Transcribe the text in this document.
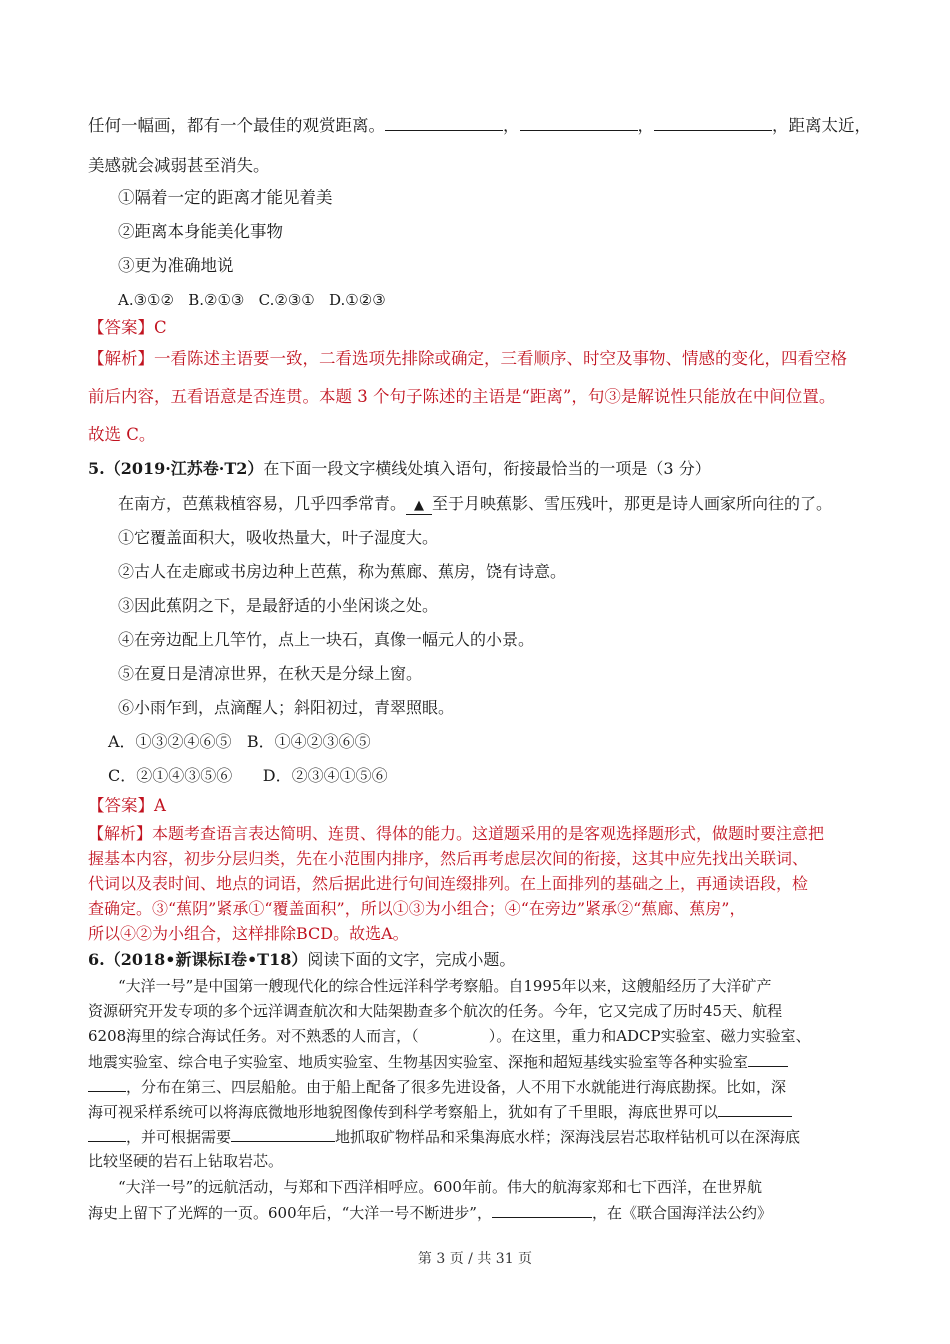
任何一幅画，都有一个最佳的观赏距离。	，	，	，距离太近，
美感就会减弱甚至消失。
①隔着一定的距离才能见着美
②距离本身能美化事物
③更为准确地说
A.③①②   B.②①③   C.②③①   D.①②③
【答案】C
【解析】一看陈述主语要一致，二看选项先排除或确定，三看顺序、时空及事物、情感的变化，四看空格
前后内容，五看语意是否连贯。本题 3 个句子陈述的主语是“距离”，句③是解说性只能放在中间位置。
故选 C。
5.（2019·江苏卷·T2）在下面一段文字横线处填入语句，衔接最恰当的一项是（3 分）
在南方，芭蕉栽植容易，几乎四季常青。 ▲ 至于月映蕉影、雪压残叶，那更是诗人画家所向往的了。
①它覆盖面积大，吸收热量大，叶子湿度大。
②古人在走廊或书房边种上芭蕉，称为蕉廊、蕉房，饶有诗意。
③因此蕉阴之下，是最舒适的小坐闲谈之处。
④在旁边配上几竿竹，点上一块石，真像一幅元人的小景。
⑤在夏日是清凉世界，在秋天是分绿上窗。
⑥小雨乍到，点滴醒人；斜阳初过，青翠照眼。
A．①③②④⑥⑤   B．①④②③⑥⑤
C．②①④③⑤⑥      D．②③④①⑤⑥
【答案】A
【解析】本题考查语言表达简明、连贯、得体的能力。这道题采用的是客观选择题形式，做题时要注意把
握基本内容，初步分层归类，先在小范围内排序，然后再考虑层次间的衔接，这其中应先找出关联词、
代词以及表时间、地点的词语，然后据此进行句间连缀排列。在上面排列的基础之上，再通读语段，检
查确定。③“蕉阴”紧承①“覆盖面积”，所以①③为小组合；④“在旁边”紧承②“蕉廊、蕉房”，
所以④②为小组合，这样排除BCD。故选A。
6.（2018•新课标Ⅰ卷•T18）阅读下面的文字，完成小题。
“大洋一号”是中国第一艘现代化的综合性远洋科学考察船。自1995年以来，这艘船经历了大洋矿产
资源研究开发专项的多个远洋调查航次和大陆架勘查多个航次的任务。今年，它又完成了历时45天、航程
6208海里的综合海试任务。对不熟悉的人而言，（	）。在这里，重力和ADCP实验室、磁力实验室、
地震实验室、综合电子实验室、地质实验室、生物基因实验室、深拖和超短基线实验室等各种实验室
，分布在第三、四层船舱。由于船上配备了很多先进设备，人不用下水就能进行海底勘探。比如，深
海可视采样系统可以将海底微地形地貌图像传到科学考察船上，犹如有了千里眼，海底世界可以
，并可根据需要	地抓取矿物样品和采集海底水样；深海浅层岩芯取样钻机可以在深海底
比较坚硬的岩石上钻取岩芯。
“大洋一号”的远航活动，与郑和下西洋相呼应。600年前。伟大的航海家郑和七下西洋，在世界航
海史上留下了光辉的一页。600年后，“大洋一号不断进步”，	，在《联合国海洋法公约》
第 3 页 / 共 31 页
